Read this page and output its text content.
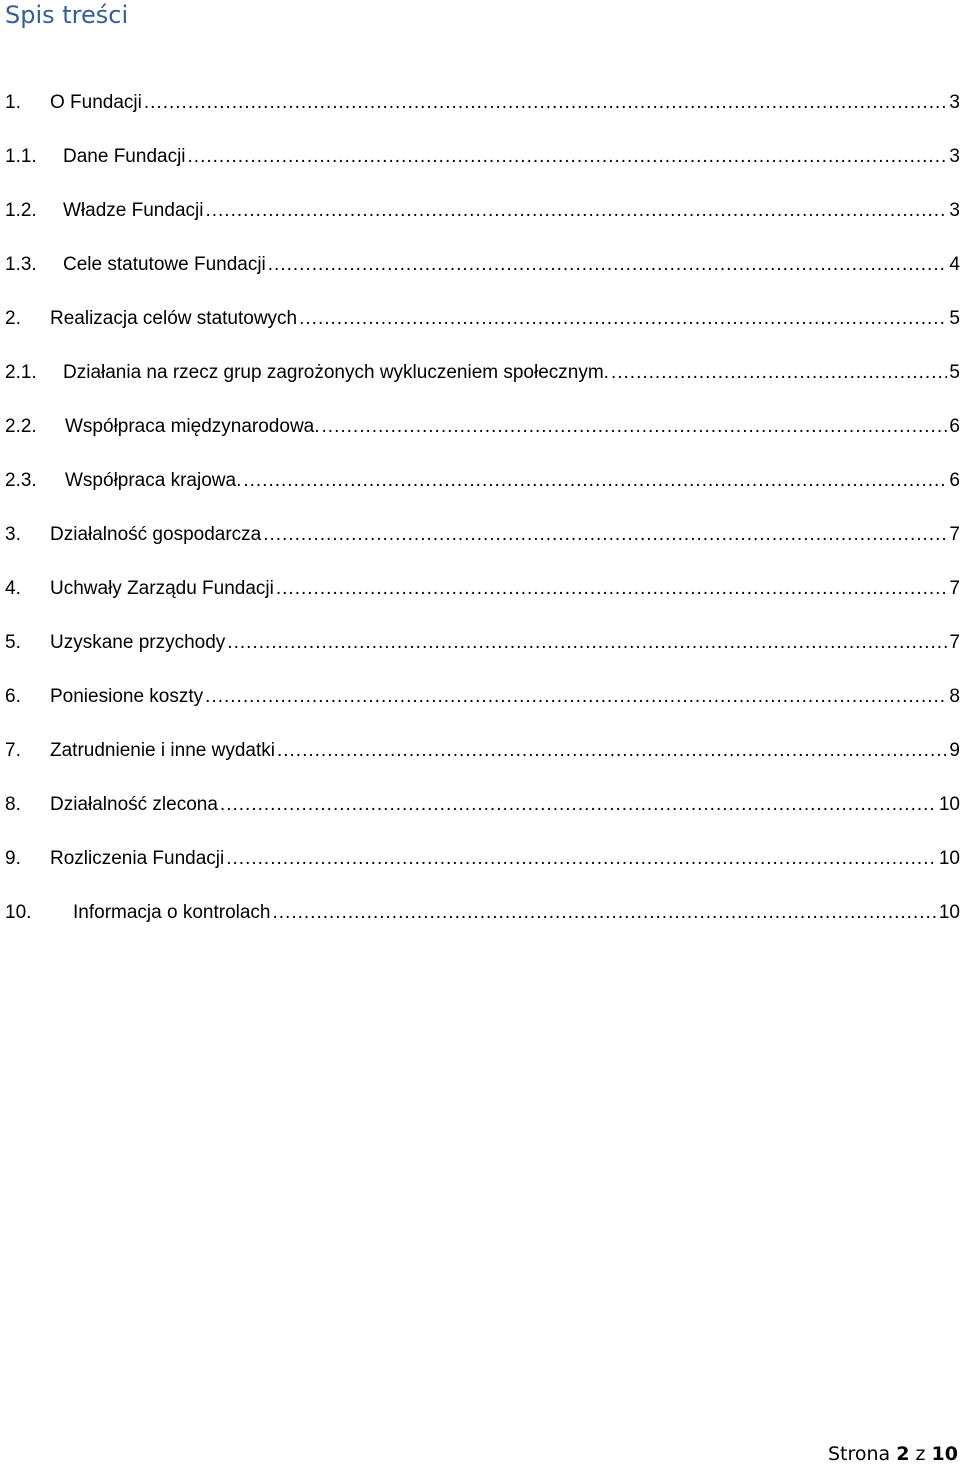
Spis treści
1.	O Fundacji .....	3
1.1.	Dane Fundacji .....	3
1.2.	Władze Fundacji .....	3
1.3.	Cele statutowe Fundacji .....	4
2.	Realizacja celów statutowych .....	5
2.1.	Działania na rzecz grup zagrożonych wykluczeniem społecznym. .....	5
2.2.	Współpraca międzynarodowa. .....	6
2.3.	Współpraca krajowa. .....	6
3.	Działalność gospodarcza .....	7
4.	Uchwały Zarządu Fundacji .....	7
5.	Uzyskane przychody .....	7
6.	Poniesione koszty .....	8
7.	Zatrudnienie i inne wydatki .....	9
8.	Działalność zlecona .....	10
9.	Rozliczenia Fundacji .....	10
10.	Informacja o kontrolach .....	10
Strona 2 z 10
